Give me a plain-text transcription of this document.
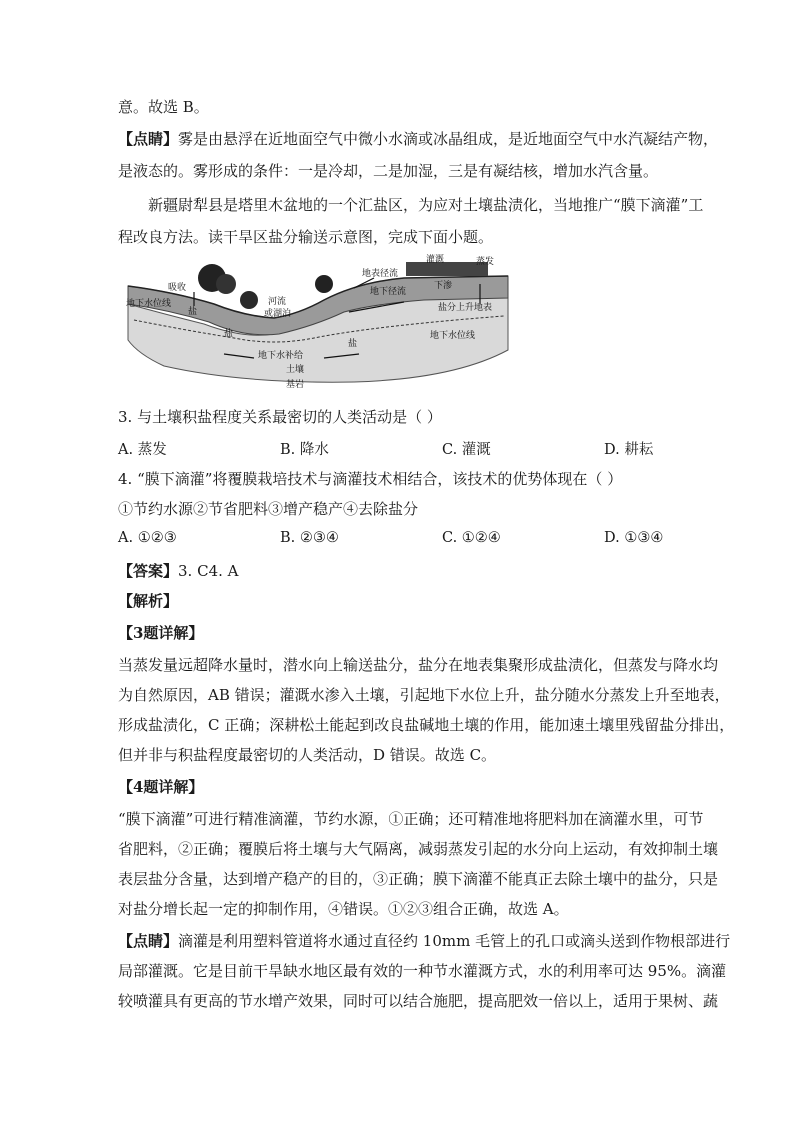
意。故选 B。
【点睛】雾是由悬浮在近地面空气中微小水滴或冰晶组成，是近地面空气中水汽凝结产物，
是液态的。雾形成的条件：一是冷却，二是加湿，三是有凝结核，增加水汽含量。
新疆尉犁县是塔里木盆地的一个汇盐区，为应对土壤盐渍化，当地推广“膜下滴灌”工
程改良方法。读干旱区盐分输送示意图，完成下面小题。
灌溉	蒸发
地表径流
吸收
盐
地下水位线	河流
或湖泊
地下径流
下渗
盐分上升地表
盐
盐
地下水补给
地下水位线
土壤
基岩
3. 与土壤积盐程度关系最密切的人类活动是（ ）
A. 蒸发	B. 降水	C. 灌溉	D. 耕耘
4. “膜下滴灌”将覆膜栽培技术与滴灌技术相结合，该技术的优势体现在（ ）
①节约水源②节省肥料③增产稳产④去除盐分
A. ①②③	B. ②③④	C. ①②④	D. ①③④
【答案】3. C4. A
【解析】
【3题详解】
当蒸发量远超降水量时，潜水向上输送盐分，盐分在地表集聚形成盐渍化，但蒸发与降水均
为自然原因，AB 错误；灌溉水渗入土壤，引起地下水位上升，盐分随水分蒸发上升至地表，
形成盐渍化，C 正确；深耕松土能起到改良盐碱地土壤的作用，能加速土壤里残留盐分排出，
但并非与积盐程度最密切的人类活动，D 错误。故选 C。
【4题详解】
“膜下滴灌”可进行精准滴灌，节约水源，①正确；还可精准地将肥料加在滴灌水里，可节
省肥料，②正确；覆膜后将土壤与大气隔离，减弱蒸发引起的水分向上运动，有效抑制土壤
表层盐分含量，达到增产稳产的目的，③正确；膜下滴灌不能真正去除土壤中的盐分，只是
对盐分增长起一定的抑制作用，④错误。①②③组合正确，故选 A。
【点睛】滴灌是利用塑料管道将水通过直径约 10mm 毛管上的孔口或滴头送到作物根部进行
局部灌溉。它是目前干旱缺水地区最有效的一种节水灌溉方式，水的利用率可达 95%。滴灌
较喷灌具有更高的节水增产效果，同时可以结合施肥，提高肥效一倍以上，适用于果树、蔬
